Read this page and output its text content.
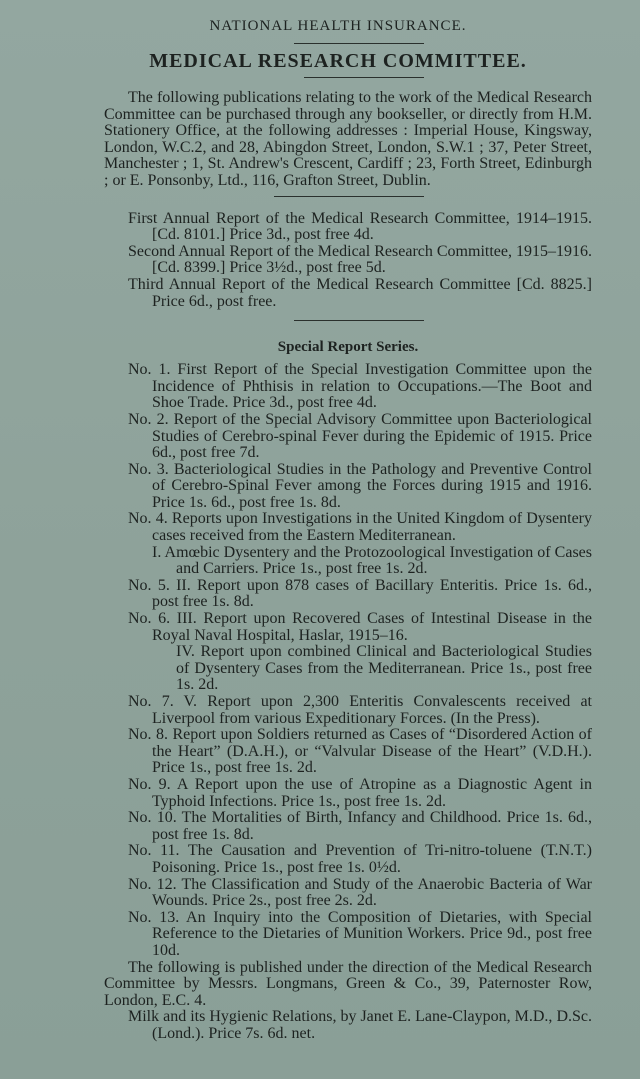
NATIONAL HEALTH INSURANCE.
MEDICAL RESEARCH COMMITTEE.

The following publications relating to the work of the Medical Research Committee can be purchased through any bookseller, or directly from H.M. Stationery Office, at the following addresses : Imperial House, Kingsway, London, W.C.2, and 28, Abingdon Street, London, S.W.1 ; 37, Peter Street, Manchester ; 1, St. Andrew's Crescent, Cardiff ; 23, Forth Street, Edinburgh ; or E. Ponsonby, Ltd., 116, Grafton Street, Dublin.

First Annual Report of the Medical Research Committee, 1914–1915. [Cd. 8101.] Price 3d., post free 4d.

Second Annual Report of the Medical Research Committee, 1915–1916. [Cd. 8399.] Price 3½d., post free 5d.

Third Annual Report of the Medical Research Committee [Cd. 8825.] Price 6d., post free.

Special Report Series.

No. 1. First Report of the Special Investigation Committee upon the Incidence of Phthisis in relation to Occupations.—The Boot and Shoe Trade. Price 3d., post free 4d.

No. 2. Report of the Special Advisory Committee upon Bacteriological Studies of Cerebro-spinal Fever during the Epidemic of 1915. Price 6d., post free 7d.

No. 3. Bacteriological Studies in the Pathology and Preventive Control of Cerebro-Spinal Fever among the Forces during 1915 and 1916. Price 1s. 6d., post free 1s. 8d.

No. 4. Reports upon Investigations in the United Kingdom of Dysentery cases received from the Eastern Mediterranean.

I. Amœbic Dysentery and the Protozoological Investigation of Cases and Carriers. Price 1s., post free 1s. 2d.

No. 5. II. Report upon 878 cases of Bacillary Enteritis. Price 1s. 6d., post free 1s. 8d.

No. 6. III. Report upon Recovered Cases of Intestinal Disease in the Royal Naval Hospital, Haslar, 1915–16.

IV. Report upon combined Clinical and Bacteriological Studies of Dysentery Cases from the Mediterranean. Price 1s., post free 1s. 2d.

No. 7. V. Report upon 2,300 Enteritis Convalescents received at Liverpool from various Expeditionary Forces. (In the Press).

No. 8. Report upon Soldiers returned as Cases of “Disordered Action of the Heart” (D.A.H.), or “Valvular Disease of the Heart” (V.D.H.). Price 1s., post free 1s. 2d.

No. 9. A Report upon the use of Atropine as a Diagnostic Agent in Typhoid Infections. Price 1s., post free 1s. 2d.

No. 10. The Mortalities of Birth, Infancy and Childhood. Price 1s. 6d., post free 1s. 8d.

No. 11. The Causation and Prevention of Tri-nitro-toluene (T.N.T.) Poisoning. Price 1s., post free 1s. 0½d.

No. 12. The Classification and Study of the Anaerobic Bacteria of War Wounds. Price 2s., post free 2s. 2d.

No. 13. An Inquiry into the Composition of Dietaries, with Special Reference to the Dietaries of Munition Workers. Price 9d., post free 10d.

The following is published under the direction of the Medical Research Committee by Messrs. Longmans, Green & Co., 39, Paternoster Row, London, E.C. 4.

Milk and its Hygienic Relations, by Janet E. Lane-Claypon, M.D., D.Sc. (Lond.). Price 7s. 6d. net.
